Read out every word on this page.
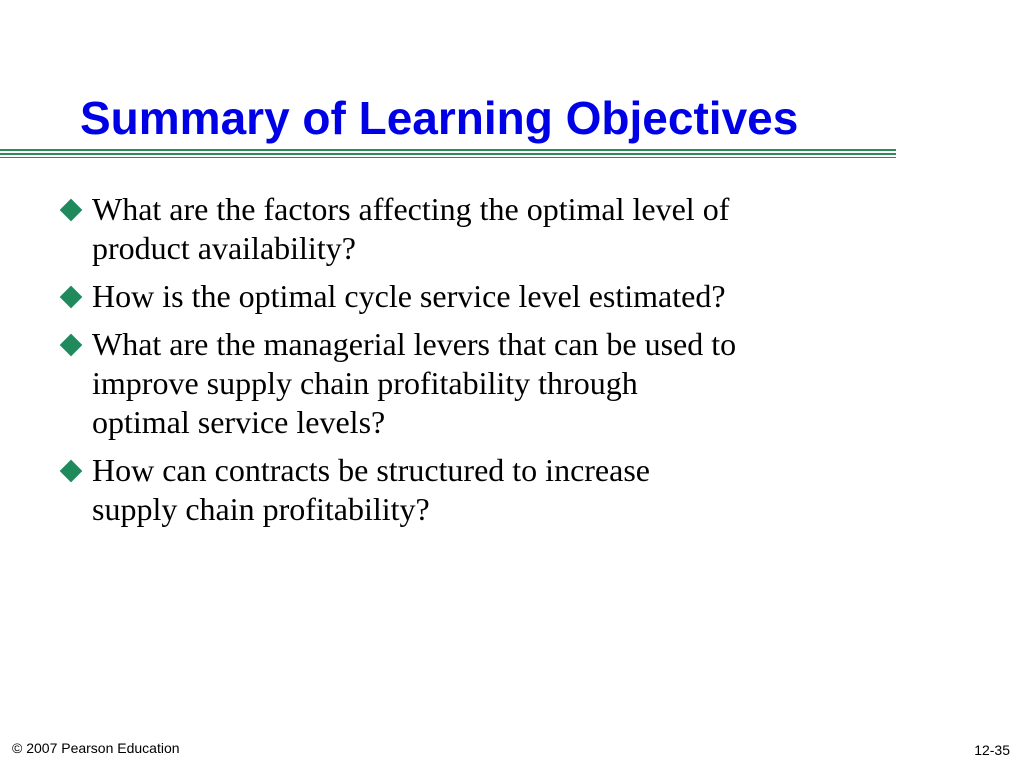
Summary of Learning Objectives
What are the factors affecting the optimal level of
product availability?
How is the optimal cycle service level estimated?
What are the managerial levers that can be used to
improve supply chain profitability through
optimal service levels?
How can contracts be structured to increase
supply chain profitability?
© 2007 Pearson Education	12-35
